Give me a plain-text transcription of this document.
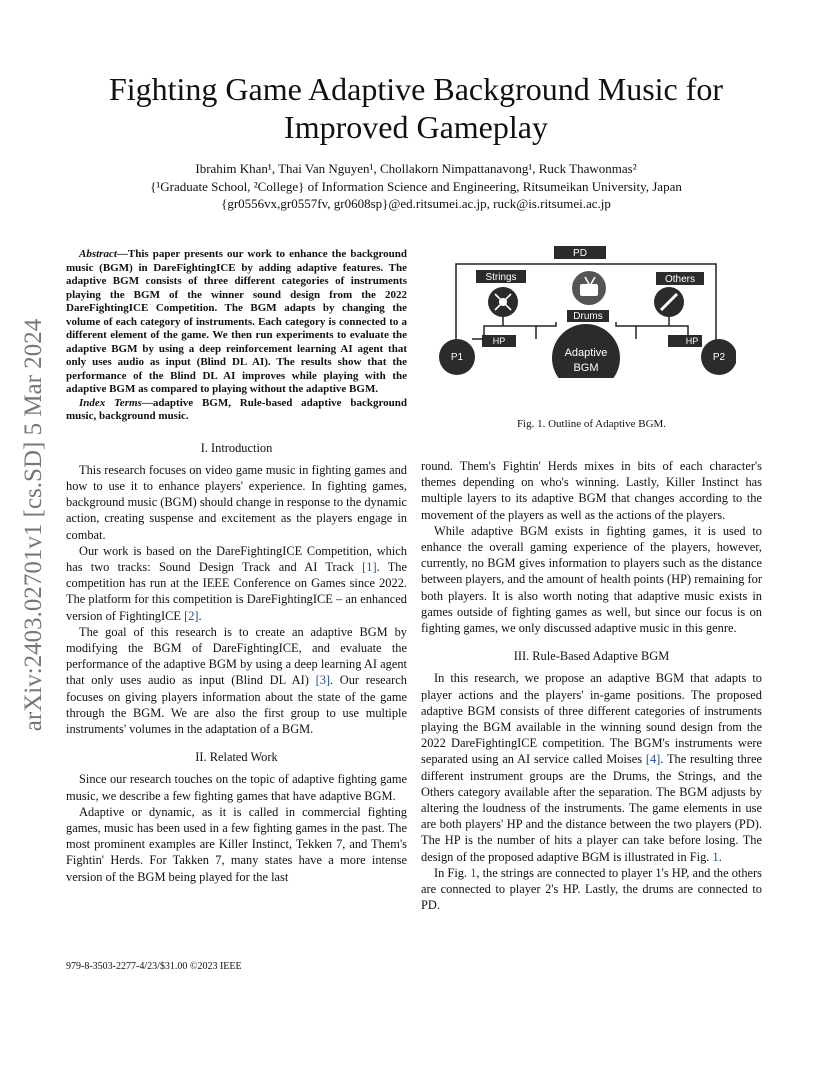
arXiv:2403.02701v1 [cs.SD] 5 Mar 2024
Fighting Game Adaptive Background Music for Improved Gameplay
Ibrahim Khan¹, Thai Van Nguyen¹, Chollakorn Nimpattanavong¹, Ruck Thawonmas²
{¹Graduate School, ²College} of Information Science and Engineering, Ritsumeikan University, Japan
{gr0556vx,gr0557fv, gr0608sp}@ed.ritsumei.ac.jp, ruck@is.ritsumei.ac.jp

Abstract—This paper presents our work to enhance the background music (BGM) in DareFightingICE by adding adaptive features. The adaptive BGM consists of three different categories of instruments playing the BGM of the winner sound design from the 2022 DareFightingICE Competition. The BGM adapts by changing the volume of each category of instruments. Each category is connected to a different element of the game. We then run experiments to evaluate the adaptive BGM by using a deep reinforcement learning AI agent that only uses audio as input (Blind DL AI). The results show that the performance of the Blind DL AI improves while playing with the adaptive BGM as compared to playing without the adaptive BGM.

Index Terms—adaptive BGM, Rule-based adaptive background music, background music.

I. Introduction

This research focuses on video game music in fighting games and how to use it to enhance players' experience. In fighting games, background music (BGM) should change in response to the dynamic action, creating suspense and excitement as the players engage in combat.

Our work is based on the DareFightingICE Competition, which has two tracks: Sound Design Track and AI Track [1]. The competition has run at the IEEE Conference on Games since 2022. The platform for this competition is DareFightingICE – an enhanced version of FightingICE [2].

The goal of this research is to create an adaptive BGM by modifying the BGM of DareFightingICE, and evaluate the performance of the adaptive BGM by using a deep learning AI agent that only uses audio as input (Blind DL AI) [3]. Our research focuses on giving players information about the state of the game through the BGM. We are also the first group to use multiple instruments' volumes in the adaptation of a BGM.

II. Related Work

Since our research touches on the topic of adaptive fighting game music, we describe a few fighting games that have adaptive BGM.

Adaptive or dynamic, as it is called in commercial fighting games, music has been used in a few fighting games in the past. The most prominent examples are Killer Instinct, Tekken 7, and Them's Fightin' Herds. For Takken 7, many states have a more intense version of the BGM being played for the last

PD
Strings	Others
Drums
HP	HP
P1	P2
Adaptive
BGM
Fig. 1. Outline of Adaptive BGM.

round. Them's Fightin' Herds mixes in bits of each character's themes depending on who's winning. Lastly, Killer Instinct has multiple layers to its adaptive BGM that changes according to the movement of the players as well as the actions of the players.

While adaptive BGM exists in fighting games, it is used to enhance the overall gaming experience of the players, however, currently, no BGM gives information to players such as the distance between players, and the amount of health points (HP) remaining for both players. It is also worth noting that adaptive music exists in games outside of fighting games as well, but since our focus is on fighting games, we only discussed adaptive music in this genre.

III. Rule-Based Adaptive BGM

In this research, we propose an adaptive BGM that adapts to player actions and the players' in-game positions. The proposed adaptive BGM consists of three different categories of instruments playing the BGM available in the winning sound design from the 2022 DareFightingICE competition. The BGM's instruments were separated using an AI service called Moises [4]. The resulting three different instrument groups are the Drums, the Strings, and the Others category available after the separation. The BGM adjusts by altering the loudness of the instruments. The game elements in use are both players' HP and the distance between the two players (PD). The HP is the number of hits a player can take before losing. The design of the proposed adaptive BGM is illustrated in Fig. 1.

In Fig. 1, the strings are connected to player 1's HP, and the others are connected to player 2's HP. Lastly, the drums are connected to PD.

979-8-3503-2277-4/23/$31.00 ©2023 IEEE
